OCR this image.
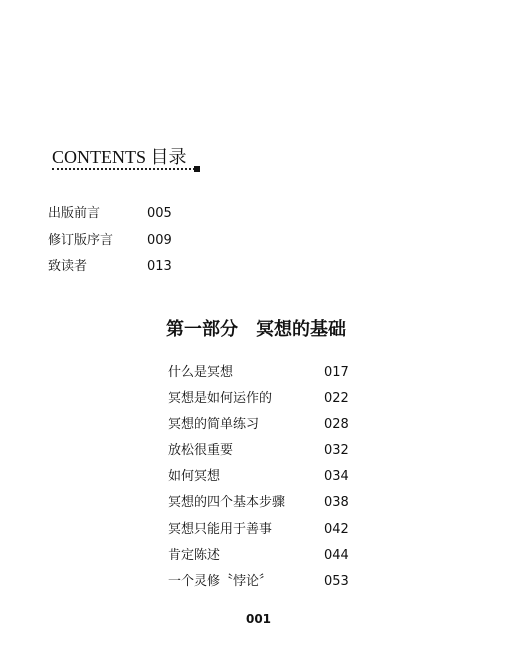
CONTENTS 目录
出版前言	005
修订版序言	009
致读者	013
第一部分　冥想的基础
什么是冥想	017
冥想是如何运作的	022
冥想的简单练习	028
放松很重要	032
如何冥想	034
冥想的四个基本步骤	038
冥想只能用于善事	042
肯定陈述	044
一个灵修〝悖论〞	053
001
